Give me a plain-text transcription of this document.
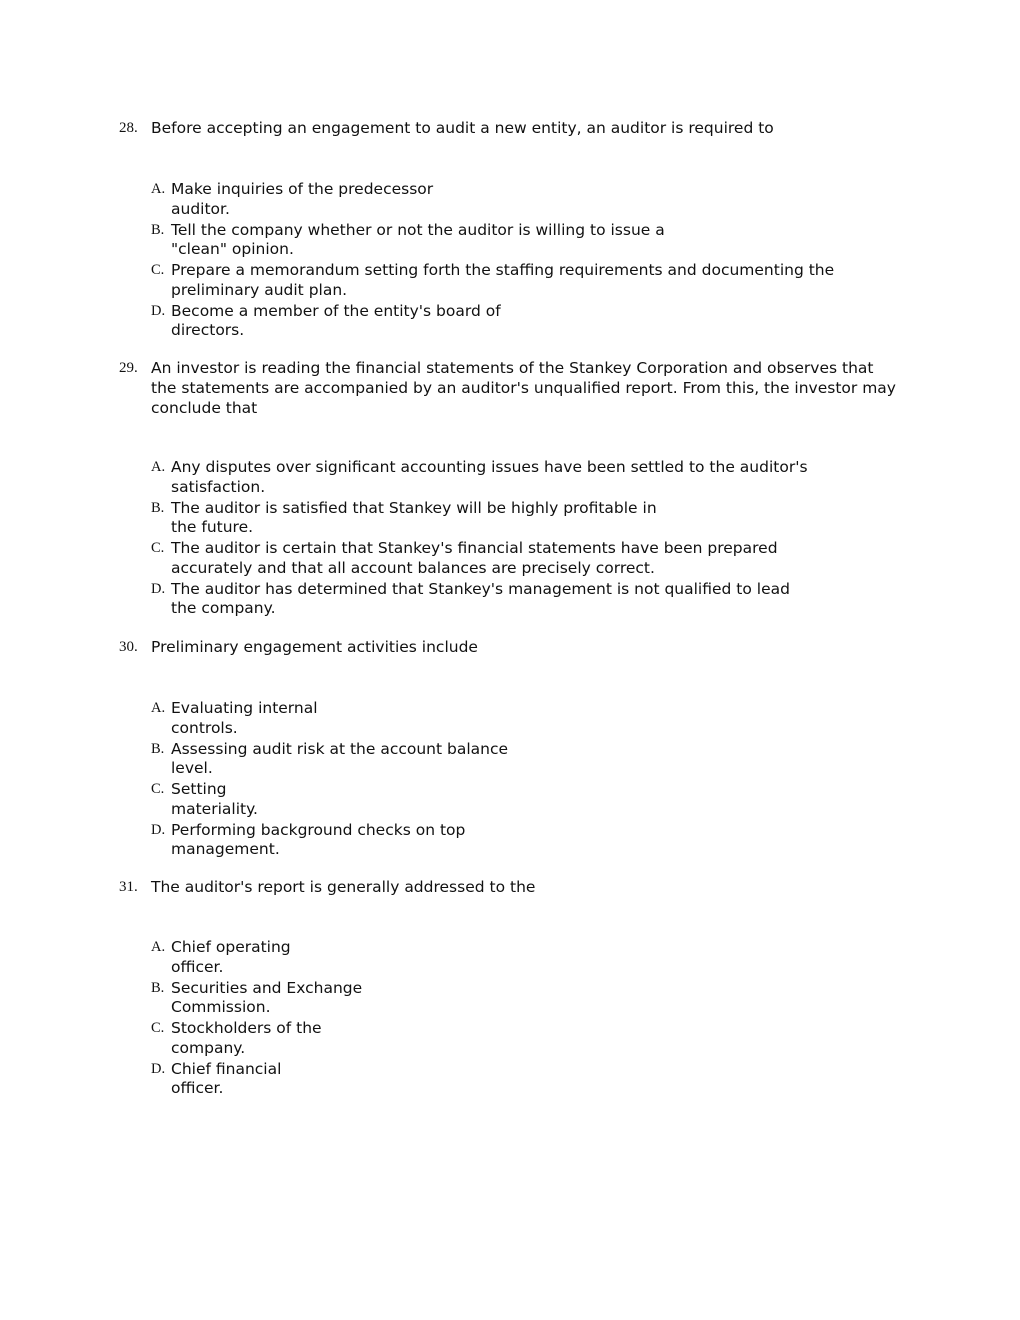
28. Before accepting an engagement to audit a new entity, an auditor is required to
A. Make inquiries of the predecessor
auditor.
B. Tell the company whether or not the auditor is willing to issue a
"clean" opinion.
C. Prepare a memorandum setting forth the staffing requirements and documenting the
preliminary audit plan.
D. Become a member of the entity's board of
directors.
29. An investor is reading the financial statements of the Stankey Corporation and observes that the statements are accompanied by an auditor's unqualified report. From this, the investor may conclude that
A. Any disputes over significant accounting issues have been settled to the auditor's
satisfaction.
B. The auditor is satisfied that Stankey will be highly profitable in
the future.
C. The auditor is certain that Stankey's financial statements have been prepared
accurately and that all account balances are precisely correct.
D. The auditor has determined that Stankey's management is not qualified to lead
the company.
30. Preliminary engagement activities include
A. Evaluating internal
controls.
B. Assessing audit risk at the account balance
level.
C. Setting
materiality.
D. Performing background checks on top
management.
31. The auditor's report is generally addressed to the
A. Chief operating
officer.
B. Securities and Exchange
Commission.
C. Stockholders of the
company.
D. Chief financial
officer.
